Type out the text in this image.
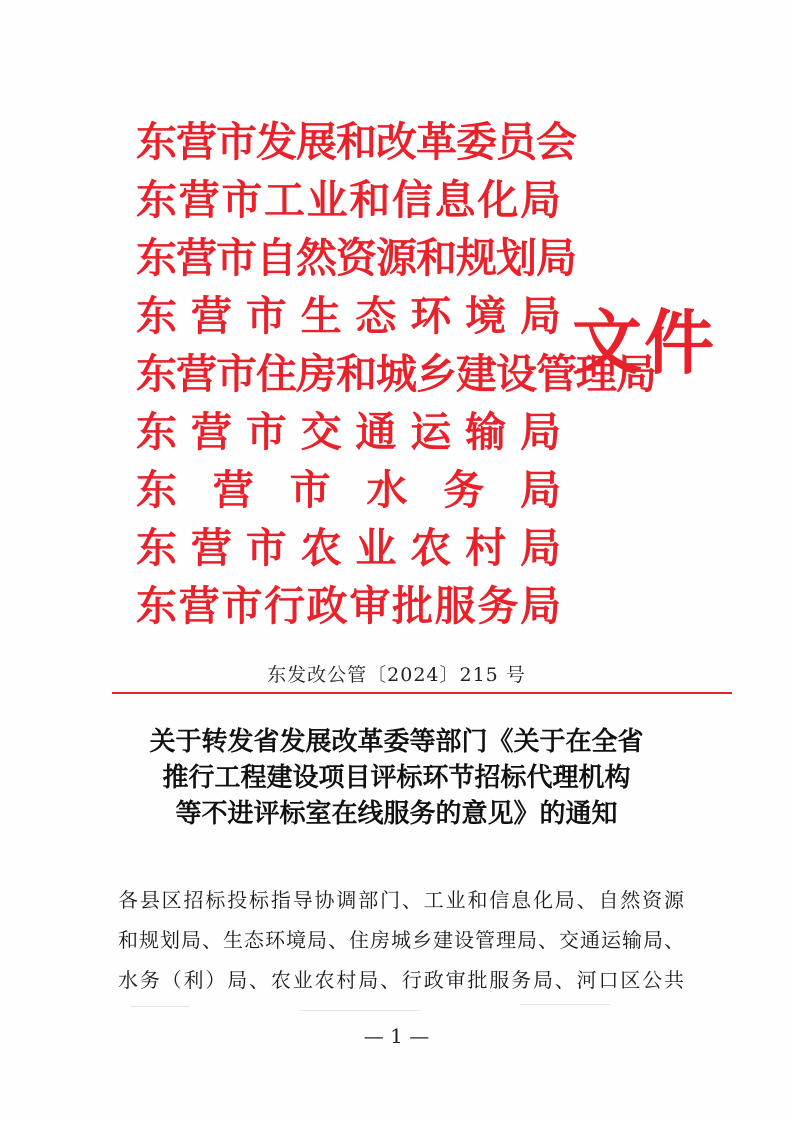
东营市发展和改革委员会
东营市工业和信息化局
东营市自然资源和规划局
东营市生态环境局
东营市住房和城乡建设管理局
东营市交通运输局
东营市水务局
东营市农业农村局
东营市行政审批服务局
文件
东发改公管〔2024〕215 号
关于转发省发展改革委等部门《关于在全省
推行工程建设项目评标环节招标代理机构
等不进评标室在线服务的意见》的通知

各县区招标投标指导协调部门、工业和信息化局、自然资源
和规划局、生态环境局、住房城乡建设管理局、交通运输局、
水务（利）局、农业农村局、行政审批服务局、河口区公共

— 1 —
